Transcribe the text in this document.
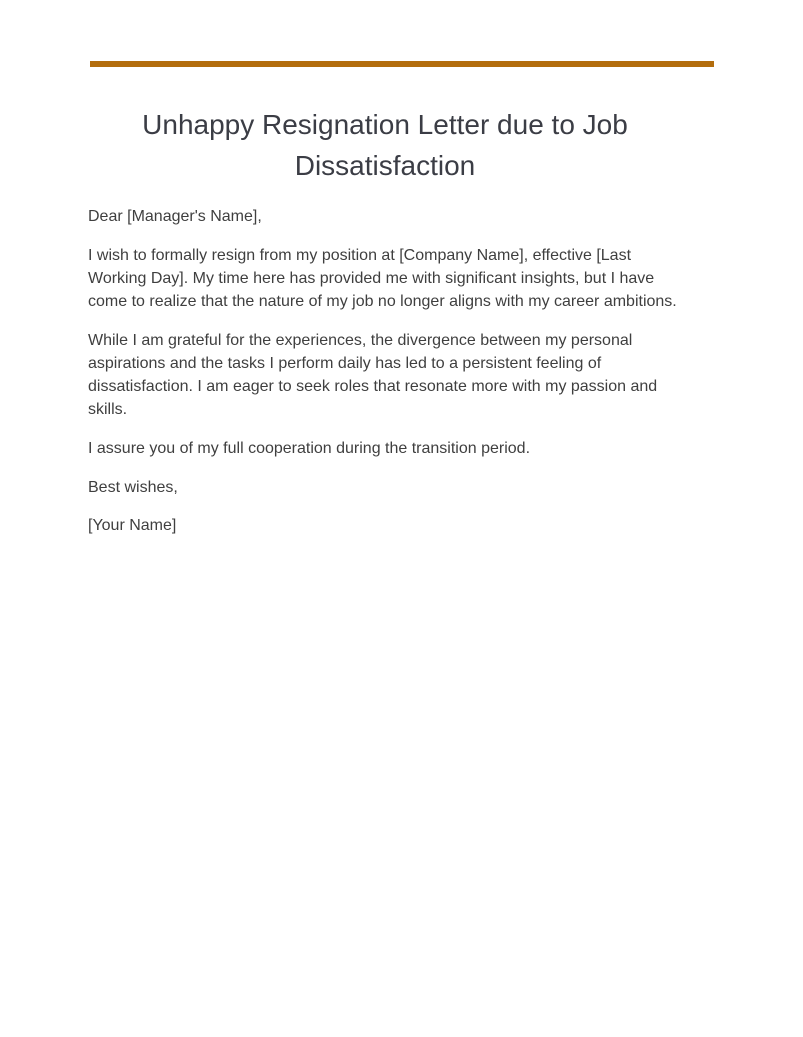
Unhappy Resignation Letter due to Job Dissatisfaction

Dear [Manager's Name],

I wish to formally resign from my position at [Company Name], effective [Last Working Day]. My time here has provided me with significant insights, but I have come to realize that the nature of my job no longer aligns with my career ambitions.

While I am grateful for the experiences, the divergence between my personal aspirations and the tasks I perform daily has led to a persistent feeling of dissatisfaction. I am eager to seek roles that resonate more with my passion and skills.

I assure you of my full cooperation during the transition period.

Best wishes,

[Your Name]
